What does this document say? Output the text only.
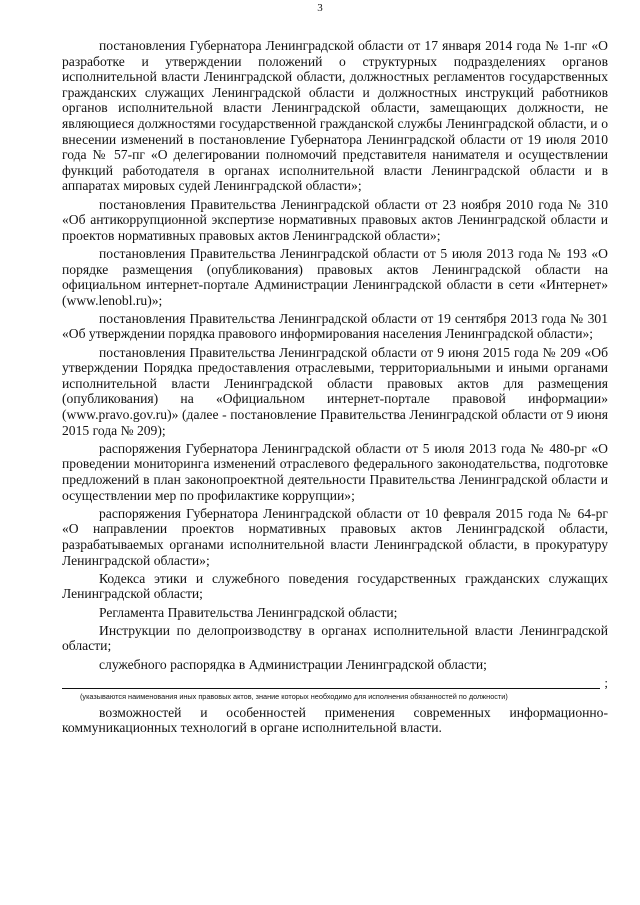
3

постановления Губернатора Ленинградской области от 17 января 2014 года № 1-пг «О разработке и утверждении положений о структурных подразделениях органов исполнительной власти Ленинградской области, должностных регламентов государственных гражданских служащих Ленинградской области и должностных инструкций работников органов исполнительной власти Ленинградской области, замещающих должности, не являющиеся должностями государственной гражданской службы Ленинградской области, и о внесении изменений в постановление Губернатора Ленинградской области от 19 июля 2010 года № 57-пг «О делегировании полномочий представителя нанимателя и осуществлении функций работодателя в органах исполнительной власти Ленинградской области и в аппаратах мировых судей Ленинградской области»;

постановления Правительства Ленинградской области от 23 ноября 2010 года № 310 «Об антикоррупционной экспертизе нормативных правовых актов Ленинградской области и проектов нормативных правовых актов Ленинградской области»;

постановления Правительства Ленинградской области от 5 июля 2013 года № 193 «О порядке размещения (опубликования) правовых актов Ленинградской области на официальном интернет-портале Администрации Ленинградской области в сети «Интернет» (www.lenobl.ru)»;

постановления Правительства Ленинградской области от 19 сентября 2013 года № 301 «Об утверждении порядка правового информирования населения Ленинградской области»;

постановления Правительства Ленинградской области от 9 июня 2015 года № 209 «Об утверждении Порядка предоставления отраслевыми, территориальными и иными органами исполнительной власти Ленинградской области правовых актов для размещения (опубликования) на «Официальном интернет-портале правовой информации» (www.pravo.gov.ru)» (далее - постановление Правительства Ленинградской области от 9 июня 2015 года № 209);

распоряжения Губернатора Ленинградской области от 5 июля 2013 года № 480-рг «О проведении мониторинга изменений отраслевого федерального законодательства, подготовке предложений в план законопроектной деятельности Правительства Ленинградской области и осуществлении мер по профилактике коррупции»;

распоряжения Губернатора Ленинградской области от 10 февраля 2015 года № 64-рг «О направлении проектов нормативных правовых актов Ленинградской области, разрабатываемых органами исполнительной власти Ленинградской области, в прокуратуру Ленинградской области»;

Кодекса этики и служебного поведения государственных гражданских служащих Ленинградской области;

Регламента Правительства Ленинградской области;

Инструкции по делопроизводству в органах исполнительной власти Ленинградской области;

служебного распорядка в Администрации Ленинградской области;

;
(указываются наименования иных правовых актов, знание которых необходимо для исполнения обязанностей по должности)

возможностей и особенностей применения современных информационно-коммуникационных технологий в органе исполнительной власти.
